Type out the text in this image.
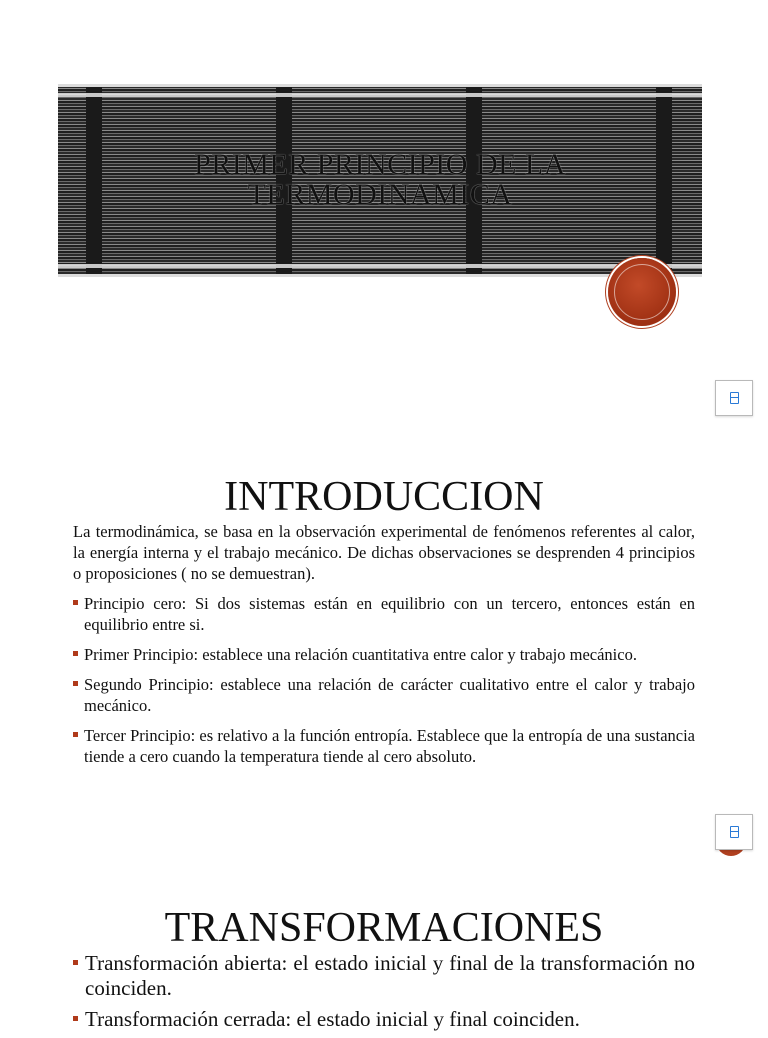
PRIMER PRINCIPIO DE LA
TERMODINAMICA
INTRODUCCION

La termodinámica, se basa en la observación experimental de fenómenos referentes al calor, la energía interna y el trabajo mecánico. De dichas observaciones se desprenden 4 principios o proposiciones ( no se demuestran).

Principio cero: Si dos sistemas están en equilibrio con un tercero, entonces están en equilibrio entre si.
Primer Principio: establece una relación cuantitativa entre calor y trabajo mecánico.
Segundo Principio: establece una relación de carácter cualitativo entre el calor y trabajo mecánico.
Tercer Principio: es relativo a la función entropía. Establece que la entropía de una sustancia tiende a cero cuando la temperatura tiende al cero absoluto.
TRANSFORMACIONES
Transformación abierta: el estado inicial y final de la transformación no coinciden.
Transformación cerrada: el estado inicial y final coinciden.
